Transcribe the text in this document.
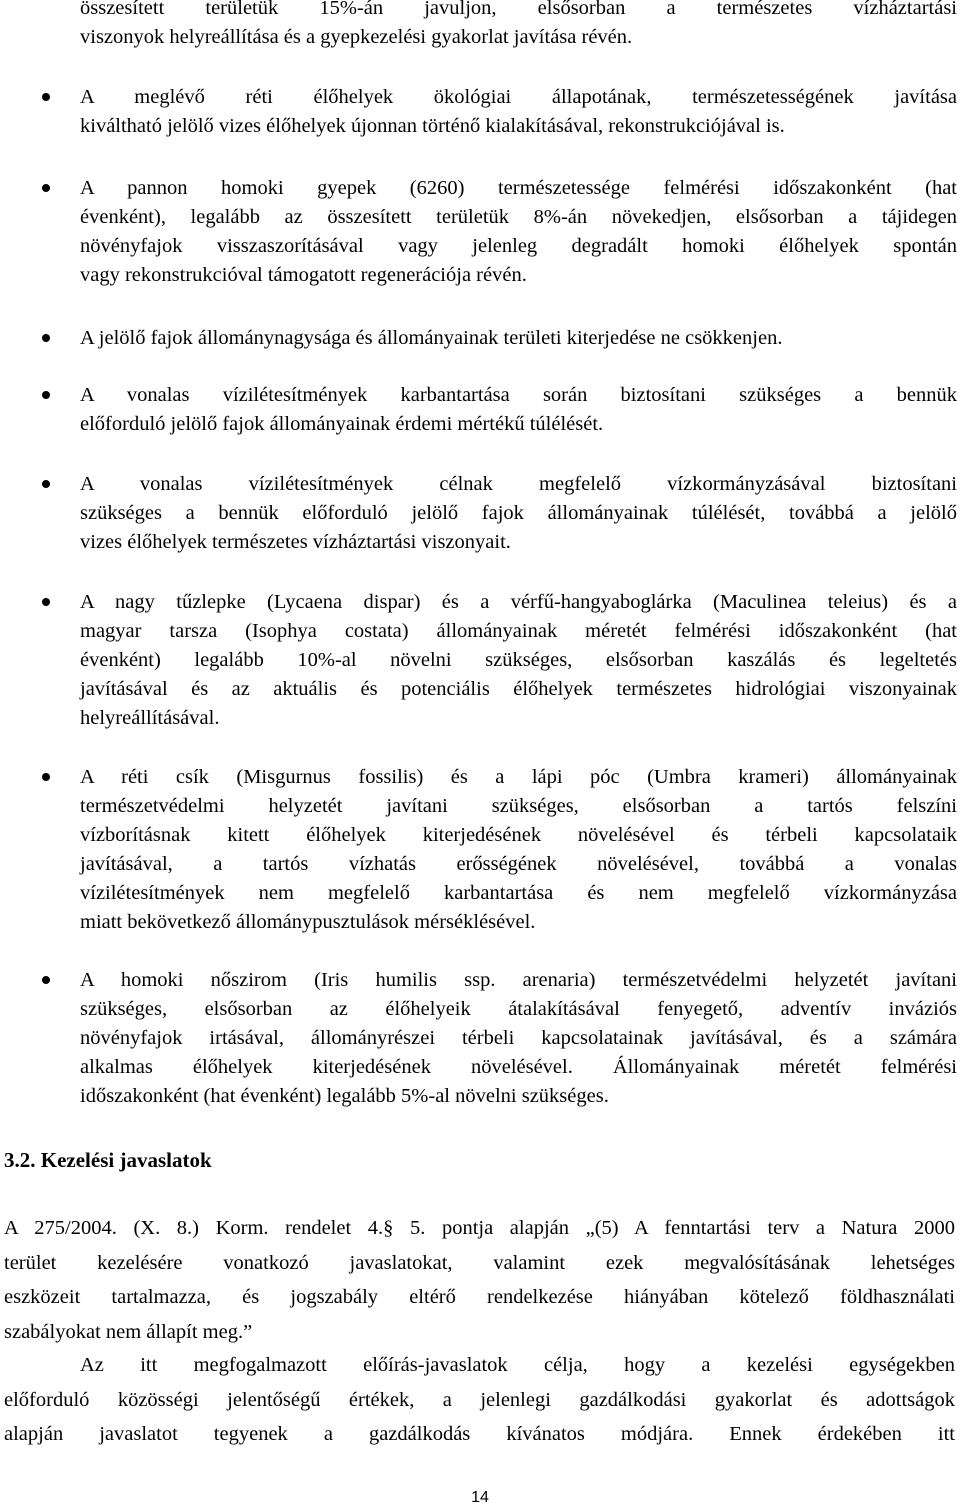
összesített területük 15%-án javuljon, elsősorban a természetes vízháztartási
viszonyok helyreállítása és a gyepkezelési gyakorlat javítása révén.
A meglévő réti élőhelyek ökológiai állapotának, természetességének javítása
kiváltható jelölő vizes élőhelyek újonnan történő kialakításával, rekonstrukciójával is.
A pannon homoki gyepek (6260) természetessége felmérési időszakonként (hat
évenként), legalább az összesített területük 8%-án növekedjen, elsősorban a tájidegen
növényfajok visszaszorításával vagy jelenleg degradált homoki élőhelyek spontán
vagy rekonstrukcióval támogatott regenerációja révén.
A jelölő fajok állománynagysága és állományainak területi kiterjedése ne csökkenjen.
A vonalas vízilétesítmények karbantartása során biztosítani szükséges a bennük
előforduló jelölő fajok állományainak érdemi mértékű túlélését.
A vonalas vízilétesítmények célnak megfelelő vízkormányzásával biztosítani
szükséges a bennük előforduló jelölő fajok állományainak túlélését, továbbá a jelölő
vizes élőhelyek természetes vízháztartási viszonyait.
A nagy tűzlepke (Lycaena dispar) és a vérfű-hangyaboglárka (Maculinea teleius) és a
magyar tarsza (Isophya costata) állományainak méretét felmérési időszakonként (hat
évenként) legalább 10%-al növelni szükséges, elsősorban kaszálás és legeltetés
javításával és az aktuális és potenciális élőhelyek természetes hidrológiai viszonyainak
helyreállításával.
A réti csík (Misgurnus fossilis) és a lápi póc (Umbra krameri) állományainak
természetvédelmi helyzetét javítani szükséges, elsősorban a tartós felszíni
vízborításnak kitett élőhelyek kiterjedésének növelésével és térbeli kapcsolataik
javításával, a tartós vízhatás erősségének növelésével, továbbá a vonalas
vízilétesítmények nem megfelelő karbantartása és nem megfelelő vízkormányzása
miatt bekövetkező állománypusztulások mérséklésével.
A homoki nőszirom (Iris humilis ssp. arenaria) természetvédelmi helyzetét javítani
szükséges, elsősorban az élőhelyeik átalakításával fenyegető, adventív inváziós
növényfajok irtásával, állományrészei térbeli kapcsolatainak javításával, és a számára
alkalmas élőhelyek kiterjedésének növelésével. Állományainak méretét felmérési
időszakonként (hat évenként) legalább 5%-al növelni szükséges.
3.2. Kezelési javaslatok
A 275/2004. (X. 8.) Korm. rendelet 4.§ 5. pontja alapján „(5) A fenntartási terv a Natura 2000
terület kezelésére vonatkozó javaslatokat, valamint ezek megvalósításának lehetséges
eszközeit tartalmazza, és jogszabály eltérő rendelkezése hiányában kötelező földhasználati
szabályokat nem állapít meg.”
Az itt megfogalmazott előírás-javaslatok célja, hogy a kezelési egységekben
előforduló közösségi jelentőségű értékek, a jelenlegi gazdálkodási gyakorlat és adottságok
alapján javaslatot tegyenek a gazdálkodás kívánatos módjára. Ennek érdekében itt
14
